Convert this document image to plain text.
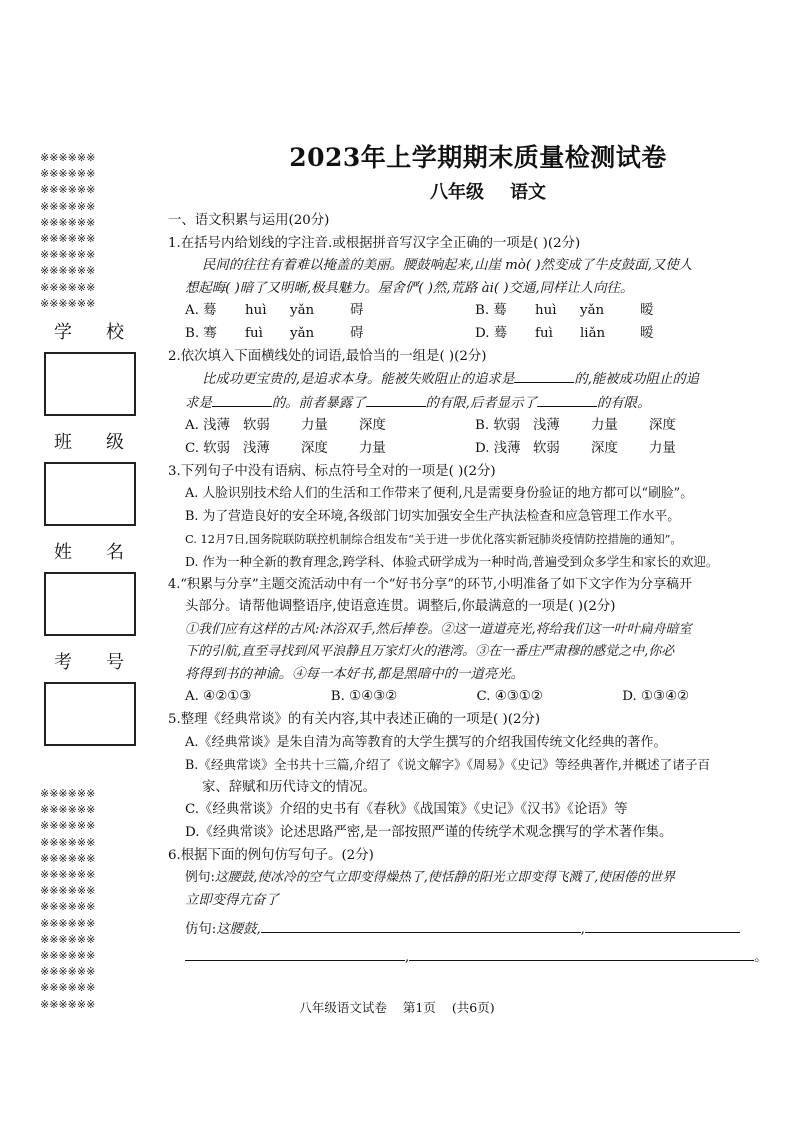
※※※※※※
※※※※※※
※※※※※※
※※※※※※
※※※※※※
※※※※※※
※※※※※※
※※※※※※
※※※※※※
※※※※※※
学 校
班 级
姓 名
考 号
※※※※※※
※※※※※※
※※※※※※
※※※※※※
※※※※※※
※※※※※※
※※※※※※
※※※※※※
※※※※※※
※※※※※※
※※※※※※
※※※※※※
※※※※※※
※※※※※※
2023年上学期期末质量检测试卷
八年级 语文
一、语文积累与运用(20分)
1.在括号内给划线的字注音.或根据拼音写汉字全正确的一项是( )(2分)
民间的往往有着难以掩盖的美丽。腰鼓响起来,山崖 mò( )然变成了牛皮鼓面,又使人
想起晦( )暗了又明晰,极具魅力。屋舍俨( )然,荒路 ài( )交通,同样让人向往。
A. 蓦	huì	yǎn	碍	B. 蓦	huì	yǎn	暧
B. 骞	fuì	yǎn	碍	D. 蓦	fuì	liǎn	暧
2.依次填入下面横线处的词语,最恰当的一组是( )(2分)
比成功更宝贵的,是追求本身。能被失败阻止的追求是	的,能被成功阻止的追
求是	的。前者暴露了	的有限,后者显示了	的有限。
A. 浅薄 软弱	力量	深度	B. 软弱 浅薄	力量	深度
C. 软弱 浅薄	深度	力量	D. 浅薄 软弱	深度	力量
3.下列句子中没有语病、标点符号全对的一项是( )(2分)
A. 人脸识别技术给人们的生活和工作带来了便利,凡是需要身份验证的地方都可以“刷脸”。
B. 为了营造良好的安全环境,各级部门切实加强安全生产执法检查和应急管理工作水平。
C. 12月7日,国务院联防联控机制综合组发布“关于进一步优化落实新冠肺炎疫情防控措施的通知”。
D. 作为一种全新的教育理念,跨学科、体验式研学成为一种时尚,普遍受到众多学生和家长的欢迎。
4.“积累与分享”主题交流活动中有一个“好书分享”的环节,小明准备了如下文字作为分享稿开
头部分。请帮他调整语序,使语意连贯。调整后,你最满意的一项是( )(2分)
①我们应有这样的古风:沐浴双手,然后捧卷。②这一道道亮光,将给我们这一叶叶扁舟暗室
下的引航,直至寻找到风平浪静且万家灯火的港湾。③在一番庄严肃穆的感觉之中,你必
将得到书的神谕。④每一本好书,都是黑暗中的一道亮光。
A. ④②①③	B. ①④③②	C. ④③①②	D. ①③④②
5.整理《经典常谈》的有关内容,其中表述正确的一项是( )(2分)
A.《经典常谈》是朱自清为高等教育的大学生撰写的介绍我国传统文化经典的著作。
B.《经典常谈》全书共十三篇,介绍了《说文解字》《周易》《史记》等经典著作,并概述了诸子百
家、辞赋和历代诗文的情况。
C.《经典常谈》介绍的史书有《春秋》《战国策》《史记》《汉书》《论语》等
D.《经典常谈》论述思路严密,是一部按照严谨的传统学术观念撰写的学术著作集。
6.根据下面的例句仿写句子。(2分)
例句:这腰鼓,使冰冷的空气立即变得燥热了,使恬静的阳光立即变得飞溅了,使困倦的世界
立即变得亢奋了
仿句:这腰鼓,	,
,	。
八年级语文试卷 第1页 (共6页)
